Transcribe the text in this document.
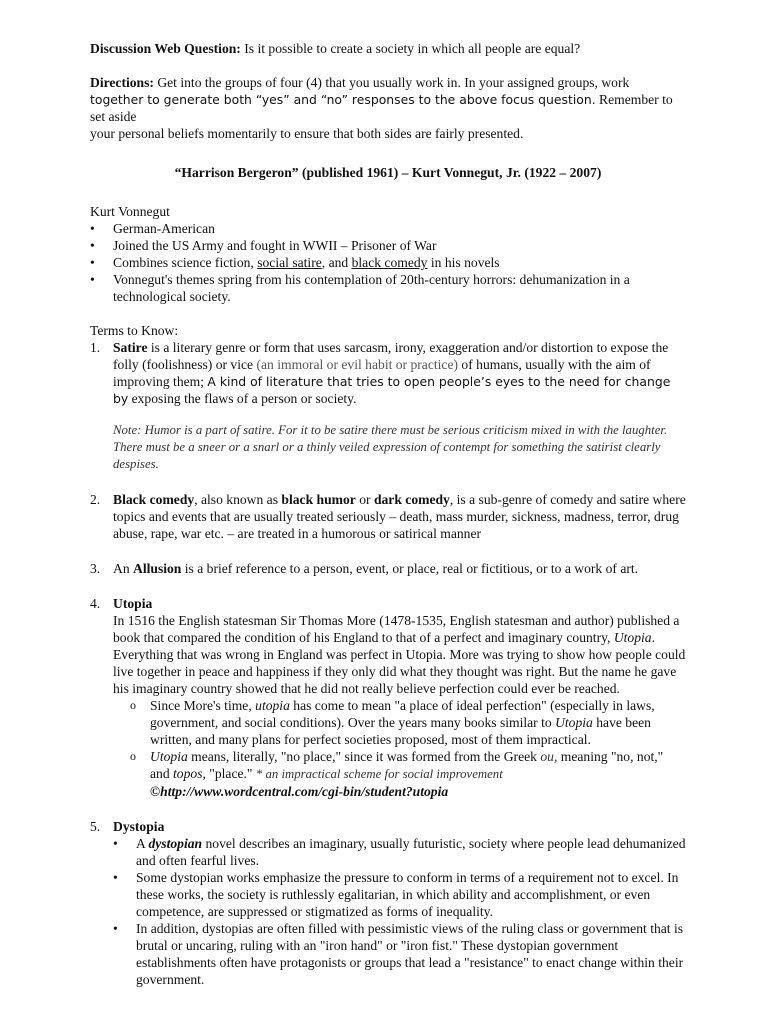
Discussion Web Question: Is it possible to create a society in which all people are equal?

Directions: Get into the groups of four (4) that you usually work in. In your assigned groups, work

together to generate both “yes” and “no” responses to the above focus question. Remember to set aside

your personal beliefs momentarily to ensure that both sides are fairly presented.

“Harrison Bergeron” (published 1961) – Kurt Vonnegut, Jr. (1922 – 2007)

Kurt Vonnegut

• German-American
• Joined the US Army and fought in WWII – Prisoner of War
• Combines science fiction, social satire, and black comedy in his novels
• Vonnegut's themes spring from his contemplation of 20th-century horrors: dehumanization in a technological society.

Terms to Know:

1. Satire is a literary genre or form that uses sarcasm, irony, exaggeration and/or distortion to expose the folly (foolishness) or vice (an immoral or evil habit or practice) of humans, usually with the aim of improving them; A kind of literature that tries to open people’s eyes to the need for change by exposing the flaws of a person or society.

Note: Humor is a part of satire. For it to be satire there must be serious criticism mixed in with the laughter. There must be a sneer or a snarl or a thinly veiled expression of contempt for something the satirist clearly despises.

2. Black comedy, also known as black humor or dark comedy, is a sub-genre of comedy and satire where topics and events that are usually treated seriously – death, mass murder, sickness, madness, terror, drug abuse, rape, war etc. – are treated in a humorous or satirical manner

3. An Allusion is a brief reference to a person, event, or place, real or fictitious, or to a work of art.

4. Utopia

In 1516 the English statesman Sir Thomas More (1478-1535, English statesman and author) published a book that compared the condition of his England to that of a perfect and imaginary country, Utopia. Everything that was wrong in England was perfect in Utopia. More was trying to show how people could live together in peace and happiness if they only did what they thought was right. But the name he gave his imaginary country showed that he did not really believe perfection could ever be reached.

o Since More's time, utopia has come to mean "a place of ideal perfection" (especially in laws, government, and social conditions). Over the years many books similar to Utopia have been written, and many plans for perfect societies proposed, most of them impractical.
o Utopia means, literally, "no place," since it was formed from the Greek ou, meaning "no, not," and topos, "place." * an impractical scheme for social improvement
©http://www.wordcentral.com/cgi-bin/student?utopia
5. Dystopia

• A dystopian novel describes an imaginary, usually futuristic, society where people lead dehumanized and often fearful lives.
• Some dystopian works emphasize the pressure to conform in terms of a requirement not to excel. In these works, the society is ruthlessly egalitarian, in which ability and accomplishment, or even competence, are suppressed or stigmatized as forms of inequality.
• In addition, dystopias are often filled with pessimistic views of the ruling class or government that is brutal or uncaring, ruling with an "iron hand" or "iron fist." These dystopian government establishments often have protagonists or groups that lead a "resistance" to enact change within their government.
